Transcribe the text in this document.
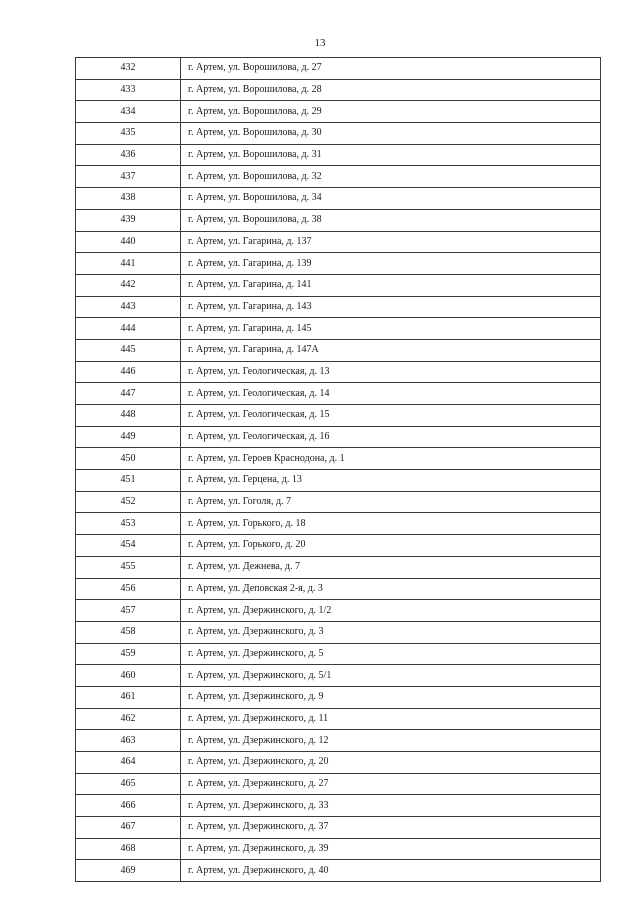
13
432	г. Артем, ул. Ворошилова, д. 27
433	г. Артем, ул. Ворошилова, д. 28
434	г. Артем, ул. Ворошилова, д. 29
435	г. Артем, ул. Ворошилова, д. 30
436	г. Артем, ул. Ворошилова, д. 31
437	г. Артем, ул. Ворошилова, д. 32
438	г. Артем, ул. Ворошилова, д. 34
439	г. Артем, ул. Ворошилова, д. 38
440	г. Артем, ул. Гагарина, д. 137
441	г. Артем, ул. Гагарина, д. 139
442	г. Артем, ул. Гагарина, д. 141
443	г. Артем, ул. Гагарина, д. 143
444	г. Артем, ул. Гагарина, д. 145
445	г. Артем, ул. Гагарина, д. 147А
446	г. Артем, ул. Геологическая, д. 13
447	г. Артем, ул. Геологическая, д. 14
448	г. Артем, ул. Геологическая, д. 15
449	г. Артем, ул. Геологическая, д. 16
450	г. Артем, ул. Героев Краснодона, д. 1
451	г. Артем, ул. Герцена, д. 13
452	г. Артем, ул. Гоголя, д. 7
453	г. Артем, ул. Горького, д. 18
454	г. Артем, ул. Горького, д. 20
455	г. Артем, ул. Дежнева, д. 7
456	г. Артем, ул. Деповская 2-я, д. 3
457	г. Артем, ул. Дзержинского, д. 1/2
458	г. Артем, ул. Дзержинского, д. 3
459	г. Артем, ул. Дзержинского, д. 5
460	г. Артем, ул. Дзержинского, д. 5/1
461	г. Артем, ул. Дзержинского, д. 9
462	г. Артем, ул. Дзержинского, д. 11
463	г. Артем, ул. Дзержинского, д. 12
464	г. Артем, ул. Дзержинского, д. 20
465	г. Артем, ул. Дзержинского, д. 27
466	г. Артем, ул. Дзержинского, д. 33
467	г. Артем, ул. Дзержинского, д. 37
468	г. Артем, ул. Дзержинского, д. 39
469	г. Артем, ул. Дзержинского, д. 40
